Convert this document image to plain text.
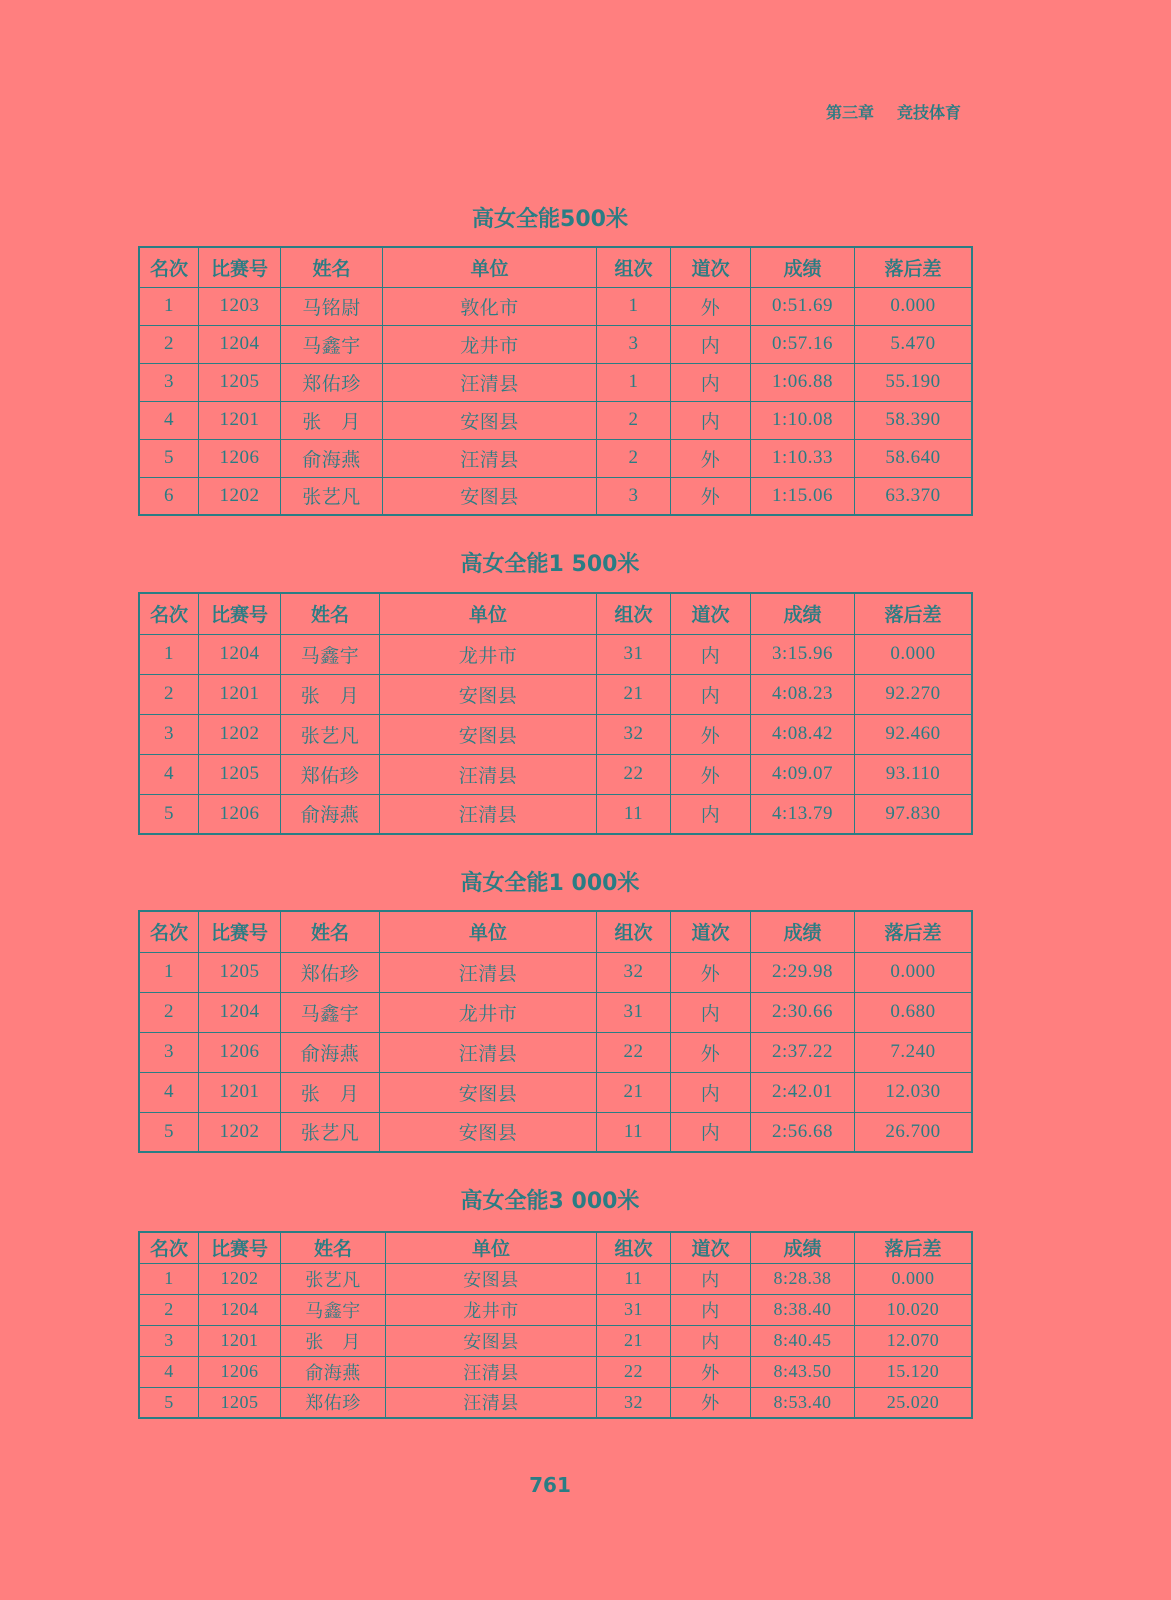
第三章 竞技体育
高女全能500米
名次	比赛号	姓名	单位	组次	道次	成绩	落后差
1	1203	马铭尉	敦化市	1	外	0:51.69	0.000
2	1204	马鑫宇	龙井市	3	内	0:57.16	5.470
3	1205	郑佑珍	汪清县	1	内	1:06.88	55.190
4	1201	张　月	安图县	2	内	1:10.08	58.390
5	1206	俞海燕	汪清县	2	外	1:10.33	58.640
6	1202	张艺凡	安图县	3	外	1:15.06	63.370
高女全能1 500米
名次	比赛号	姓名	单位	组次	道次	成绩	落后差
1	1204	马鑫宇	龙井市	31	内	3:15.96	0.000
2	1201	张　月	安图县	21	内	4:08.23	92.270
3	1202	张艺凡	安图县	32	外	4:08.42	92.460
4	1205	郑佑珍	汪清县	22	外	4:09.07	93.110
5	1206	俞海燕	汪清县	11	内	4:13.79	97.830
高女全能1 000米
名次	比赛号	姓名	单位	组次	道次	成绩	落后差
1	1205	郑佑珍	汪清县	32	外	2:29.98	0.000
2	1204	马鑫宇	龙井市	31	内	2:30.66	0.680
3	1206	俞海燕	汪清县	22	外	2:37.22	7.240
4	1201	张　月	安图县	21	内	2:42.01	12.030
5	1202	张艺凡	安图县	11	内	2:56.68	26.700
高女全能3 000米
名次	比赛号	姓名	单位	组次	道次	成绩	落后差
1	1202	张艺凡	安图县	11	内	8:28.38	0.000
2	1204	马鑫宇	龙井市	31	内	8:38.40	10.020
3	1201	张　月	安图县	21	内	8:40.45	12.070
4	1206	俞海燕	汪清县	22	外	8:43.50	15.120
5	1205	郑佑珍	汪清县	32	外	8:53.40	25.020
761
